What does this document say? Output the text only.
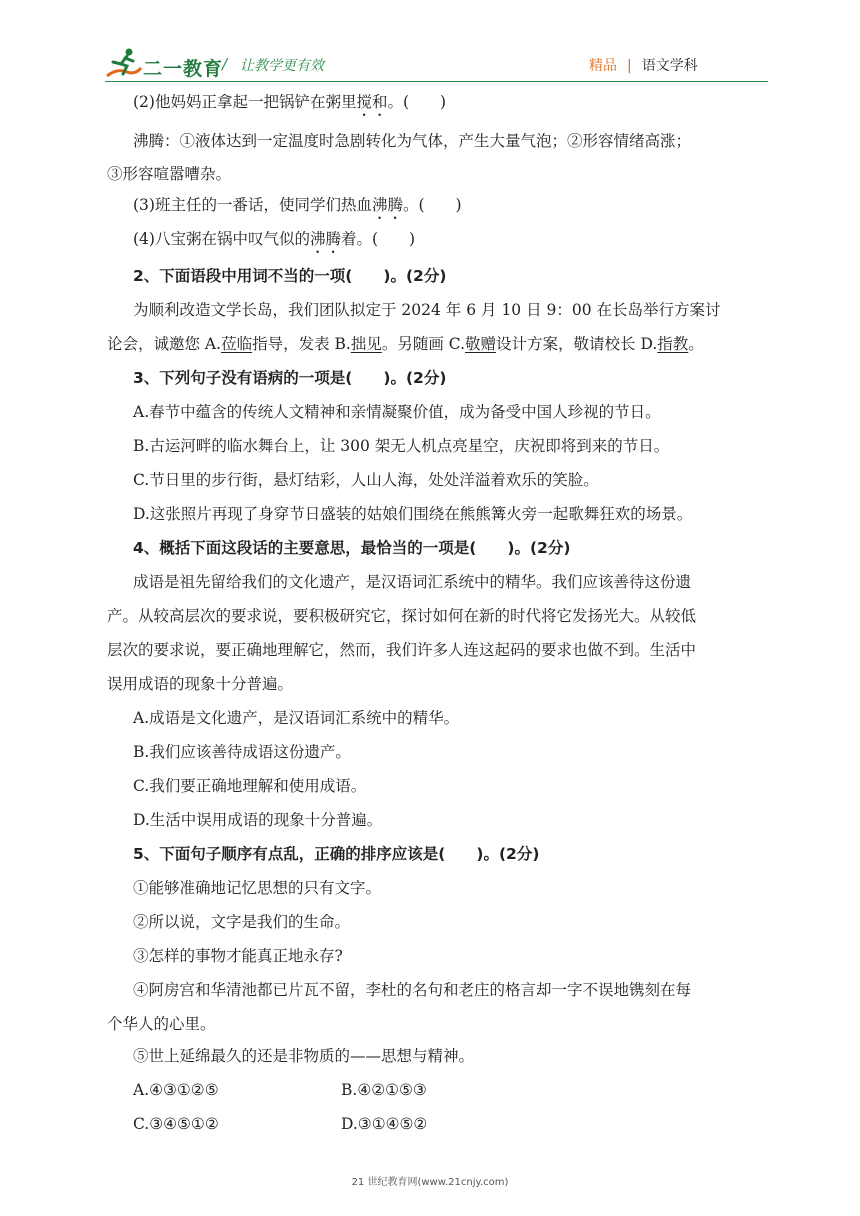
二一教育
/ 让教学更有效	精品 | 语文学科
(2)他妈妈正拿起一把锅铲在粥里搅和。(　　)
沸腾：①液体达到一定温度时急剧转化为气体，产生大量气泡；②形容情绪高涨；
③形容喧嚣嘈杂。
(3)班主任的一番话，使同学们热血沸腾。(　　)
(4)八宝粥在锅中叹气似的沸腾着。(　　)
2、下面语段中用词不当的一项(　　)。(2分)
为顺利改造文学长岛，我们团队拟定于 2024 年 6 月 10 日 9：00 在长岛举行方案讨
论会，诚邀您 A.莅临指导，发表 B.拙见。另随画 C.敬赠设计方案，敬请校长 D.指教。
3、下列句子没有语病的一项是(　　)。(2分)
A.春节中蕴含的传统人文精神和亲情凝聚价值，成为备受中国人珍视的节日。
B.古运河畔的临水舞台上，让 300 架无人机点亮星空，庆祝即将到来的节日。
C.节日里的步行街，悬灯结彩，人山人海，处处洋溢着欢乐的笑脸。
D.这张照片再现了身穿节日盛装的姑娘们围绕在熊熊篝火旁一起歌舞狂欢的场景。
4、概括下面这段话的主要意思，最恰当的一项是(　　)。(2分)
成语是祖先留给我们的文化遗产，是汉语词汇系统中的精华。我们应该善待这份遗
产。从较高层次的要求说，要积极研究它，探讨如何在新的时代将它发扬光大。从较低
层次的要求说，要正确地理解它，然而，我们许多人连这起码的要求也做不到。生活中
误用成语的现象十分普遍。
A.成语是文化遗产，是汉语词汇系统中的精华。
B.我们应该善待成语这份遗产。
C.我们要正确地理解和使用成语。
D.生活中误用成语的现象十分普遍。
5、下面句子顺序有点乱，正确的排序应该是(　　)。(2分)
①能够准确地记忆思想的只有文字。
②所以说，文字是我们的生命。
③怎样的事物才能真正地永存?
④阿房宫和华清池都已片瓦不留，李杜的名句和老庄的格言却一字不误地镌刻在每
个华人的心里。
⑤世上延绵最久的还是非物质的——思想与精神。
A.④③①②⑤	B.④②①⑤③
C.③④⑤①②	D.③①④⑤②
21 世纪教育网(www.21cnjy.com)
